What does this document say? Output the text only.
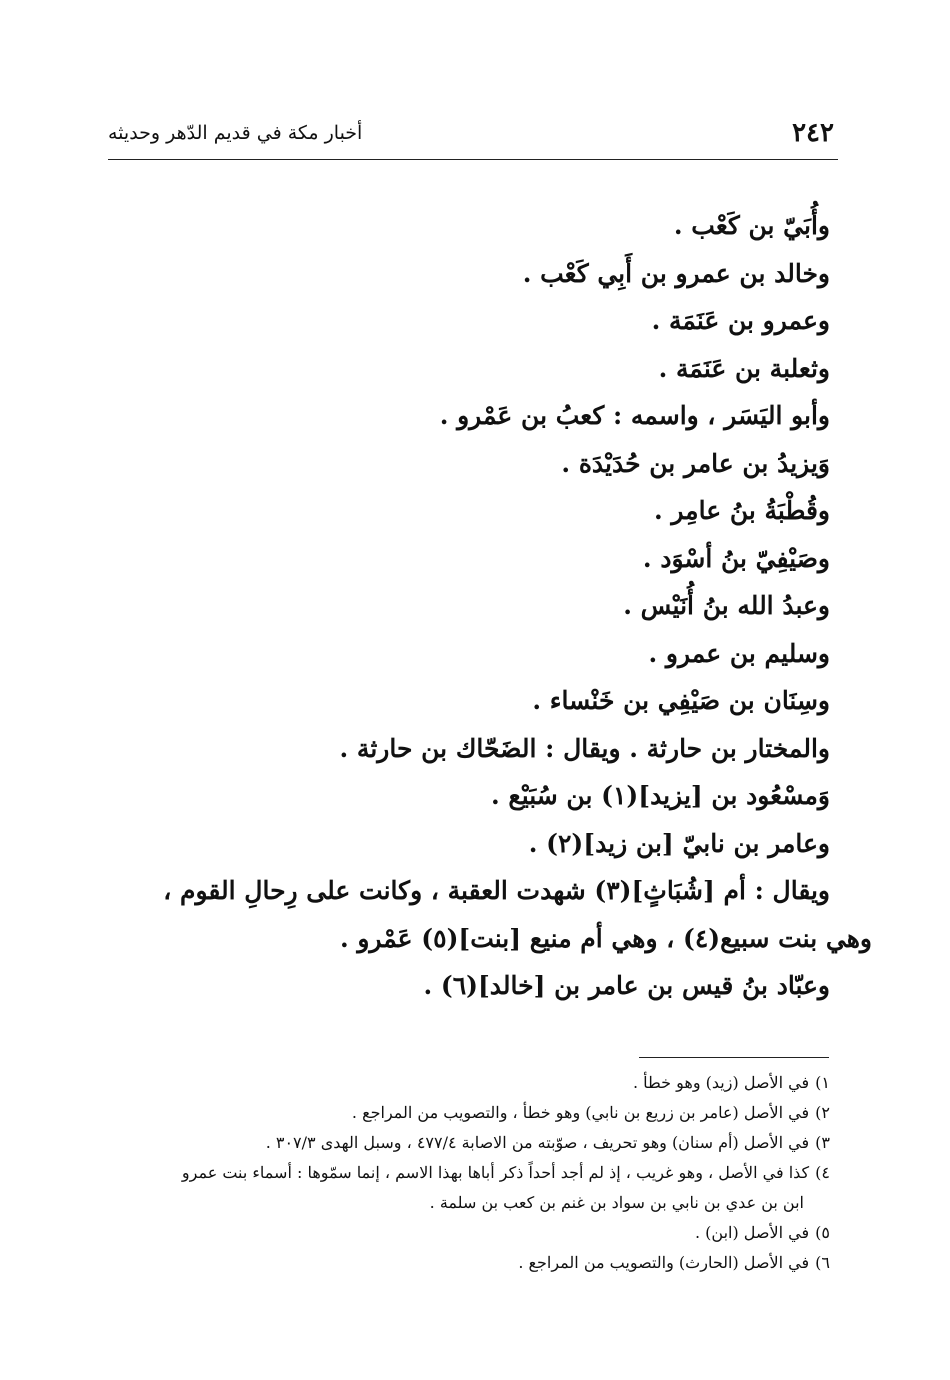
٢٤٢
أخبار مكة في قديم الدّهر وحديثه
وأُبَيّ بن كَعْب .
وخالد بن عمرو بن أَبِي كَعْب .
وعمرو بن عَنَمَة .
وثعلبة بن عَنَمَة .
وأبو اليَسَر ، واسمه : كعبُ بن عَمْرو .
وَيزيدُ بن عامر بن حُدَيْدَة .
وقُطْبَةُ بنُ عامِر .
وصَيْفِيّ بنُ أسْوَد .
وعبدُ الله بنُ أُنَيْس .
وسليم بن عمرو .
وسِنَان بن صَيْفِي بن خَنْساء .
والمختار بن حارثة . ويقال : الضَحّاك بن حارثة .
وَمسْعُود بن [يزيد](١) بن سُبَيْع .
وعامر بن نابيّ [بن زيد](٢) .
ويقال : أم [شُبَاثٍ](٣) شهدت العقبة ، وكانت على رِحالِ القوم ،
وهي بنت سبيع(٤) ، وهي أم منيع [بنت](٥) عَمْرو .
وعبّاد بنُ قيس بن عامر بن [خالد](٦) .
١)في الأصل (زيد) وهو خطأ .
٢)في الأصل (عامر بن زريع بن نابي) وهو خطأ ، والتصويب من المراجع .
٣)في الأصل (أم سنان) وهو تحريف ، صوّبته من الاصابة ٤٧٧/٤ ، وسبل الهدى ٣٠٧/٣ .
٤)كذا في الأصل ، وهو غريب ، إذ لم أجد أحداً ذكر أباها بهذا الاسم ، إنما سمّوها : أسماء بنت عمرو
ابن بن عدي بن نابي بن سواد بن غنم بن كعب بن سلمة .
٥)في الأصل (ابن) .
٦)في الأصل (الحارث) والتصويب من المراجع .
